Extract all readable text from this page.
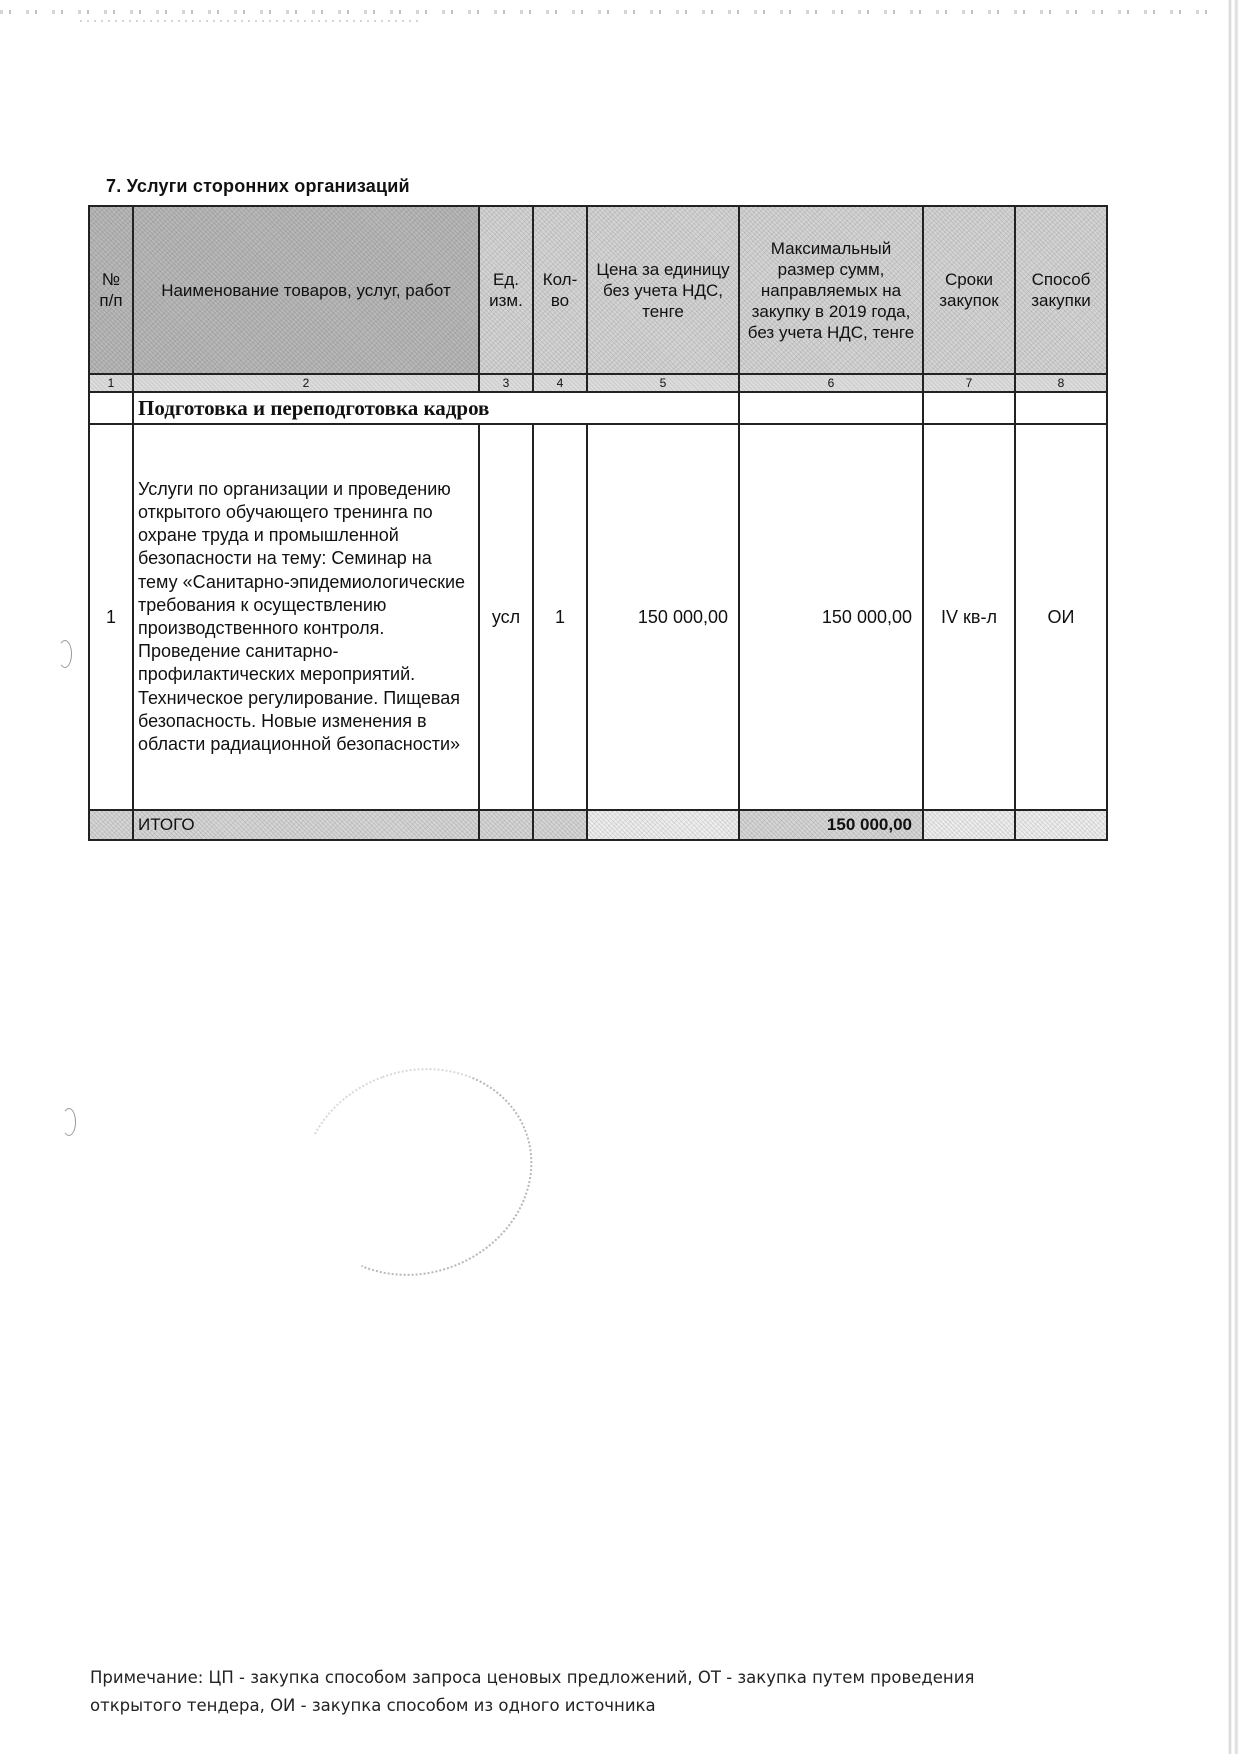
7. Услуги сторонних организаций
№ п/п	Наименование товаров, услуг, работ	Ед. изм.	Кол-во	Цена за единицу без учета НДС, тенге	Максимальный размер сумм, направляемых на закупку в 2019 года, без учета НДС, тенге	Сроки закупок	Способ закупки
1	2	3	4	5	6	7	8
	Подготовка и переподготовка кадров						
1	Услуги по организации и проведению открытого обучающего тренинга по охране труда и промышленной безопасности на тему: Семинар на тему «Санитарно-эпидемиологические требования к осуществлению производственного контроля. Проведение санитарно-профилактических мероприятий. Техническое регулирование. Пищевая безопасность. Новые изменения в области радиационной безопасности»	усл	1	150 000,00	150 000,00	IV кв-л	ОИ
	ИТОГО				150 000,00		
Примечание: ЦП - закупка способом запроса ценовых предложений, ОТ - закупка путем проведения открытого тендера, ОИ - закупка способом из одного источника
